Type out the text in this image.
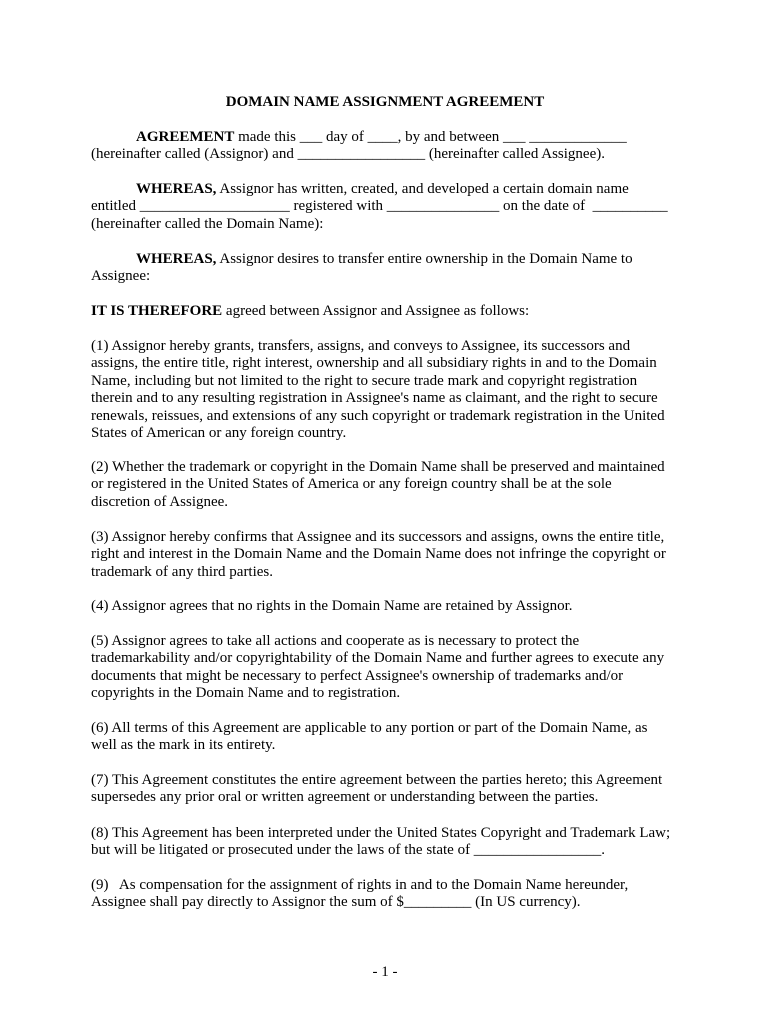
DOMAIN NAME ASSIGNMENT AGREEMENT
AGREEMENT made this ___ day of ____, by and between ___ _____________
(hereinafter called (Assignor) and _________________ (hereinafter called Assignee).
WHEREAS, Assignor has written, created, and developed a certain domain name
entitled ____________________ registered with _______________ on the date of  __________
(hereinafter called the Domain Name):
WHEREAS, Assignor desires to transfer entire ownership in the Domain Name to
Assignee:
IT IS THEREFORE agreed between Assignor and Assignee as follows:
(1) Assignor hereby grants, transfers, assigns, and conveys to Assignee, its successors and
assigns, the entire title, right interest, ownership and all subsidiary rights in and to the Domain
Name, including but not limited to the right to secure trade mark and copyright registration
therein and to any resulting registration in Assignee's name as claimant, and the right to secure
renewals, reissues, and extensions of any such copyright or trademark registration in the United
States of American or any foreign country.
(2) Whether the trademark or copyright in the Domain Name shall be preserved and maintained
or registered in the United States of America or any foreign country shall be at the sole
discretion of Assignee.
(3) Assignor hereby confirms that Assignee and its successors and assigns, owns the entire title,
right and interest in the Domain Name and the Domain Name does not infringe the copyright or
trademark of any third parties.
(4) Assignor agrees that no rights in the Domain Name are retained by Assignor.
(5) Assignor agrees to take all actions and cooperate as is necessary to protect the
trademarkability and/or copyrightability of the Domain Name and further agrees to execute any
documents that might be necessary to perfect Assignee's ownership of trademarks and/or
copyrights in the Domain Name and to registration.
(6) All terms of this Agreement are applicable to any portion or part of the Domain Name, as
well as the mark in its entirety.
(7) This Agreement constitutes the entire agreement between the parties hereto; this Agreement
supersedes any prior oral or written agreement or understanding between the parties.
(8) This Agreement has been interpreted under the United States Copyright and Trademark Law;
but will be litigated or prosecuted under the laws of the state of _________________.
(9)   As compensation for the assignment of rights in and to the Domain Name hereunder,
Assignee shall pay directly to Assignor the sum of $_________ (In US currency).
- 1 -
